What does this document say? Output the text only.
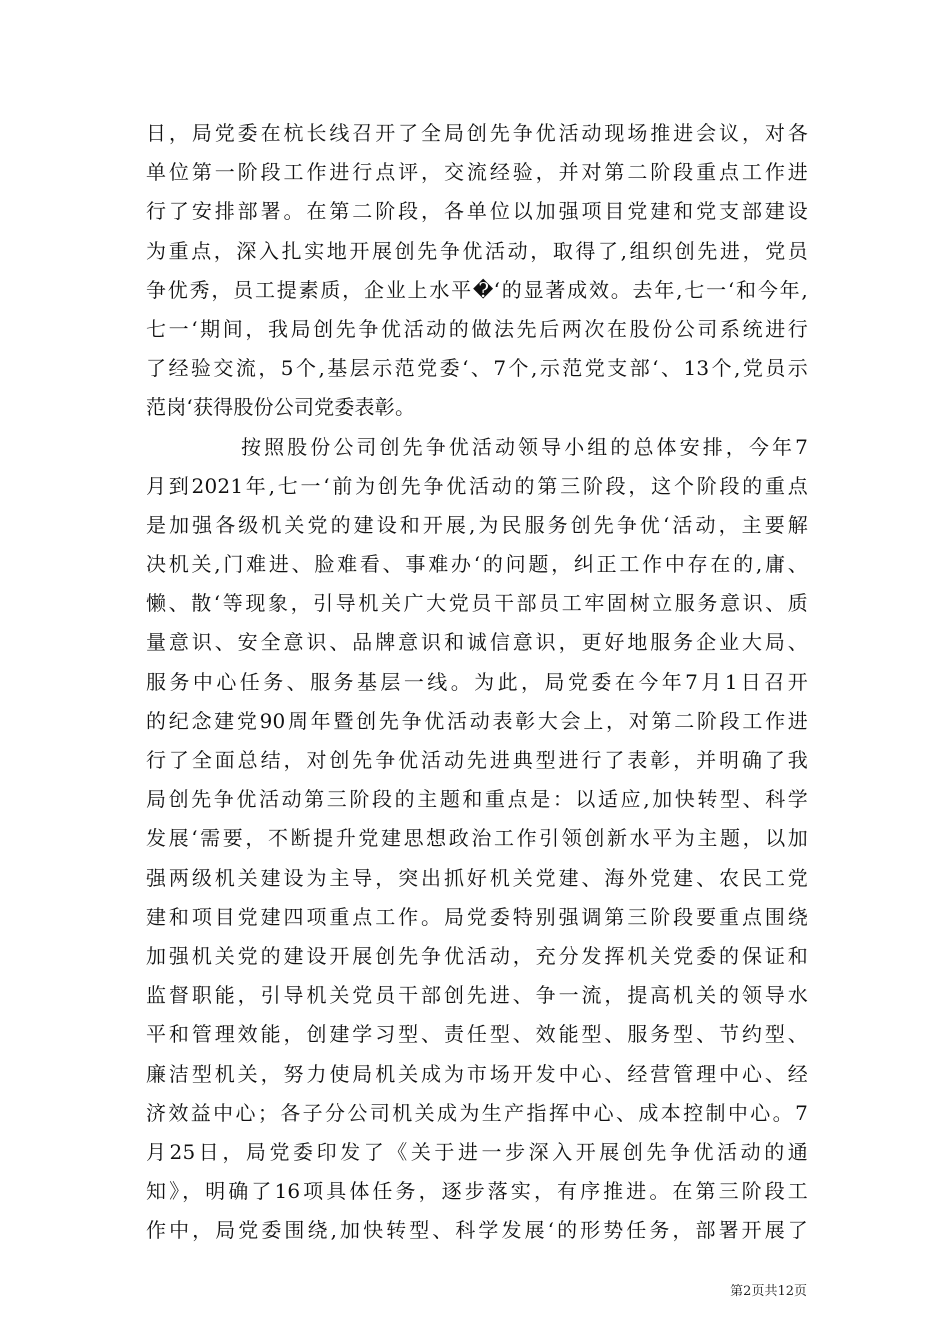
日，局党委在杭长线召开了全局创先争优活动现场推进会议，对各
单位第一阶段工作进行点评，交流经验，并对第二阶段重点工作进
行了安排部署。在第二阶段，各单位以加强项目党建和党支部建设
为重点，深入扎实地开展创先争优活动，取得了,组织创先进，党员
争优秀，员工提素质，企业上水平�‘的显著成效。去年,七一‘和今年,
七一‘期间，我局创先争优活动的做法先后两次在股份公司系统进行
了经验交流，5个,基层示范党委‘、7个,示范党支部‘、13个,党员示
范岗‘获得股份公司党委表彰。
按照股份公司创先争优活动领导小组的总体安排，今年7
月到2021年,七一‘前为创先争优活动的第三阶段，这个阶段的重点
是加强各级机关党的建设和开展,为民服务创先争优‘活动，主要解
决机关,门难进、脸难看、事难办‘的问题，纠正工作中存在的,庸、
懒、散‘等现象，引导机关广大党员干部员工牢固树立服务意识、质
量意识、安全意识、品牌意识和诚信意识，更好地服务企业大局、
服务中心任务、服务基层一线。为此，局党委在今年7月1日召开
的纪念建党90周年暨创先争优活动表彰大会上，对第二阶段工作进
行了全面总结，对创先争优活动先进典型进行了表彰，并明确了我
局创先争优活动第三阶段的主题和重点是：以适应,加快转型、科学
发展‘需要，不断提升党建思想政治工作引领创新水平为主题，以加
强两级机关建设为主导，突出抓好机关党建、海外党建、农民工党
建和项目党建四项重点工作。局党委特别强调第三阶段要重点围绕
加强机关党的建设开展创先争优活动，充分发挥机关党委的保证和
监督职能，引导机关党员干部创先进、争一流，提高机关的领导水
平和管理效能，创建学习型、责任型、效能型、服务型、节约型、
廉洁型机关，努力使局机关成为市场开发中心、经营管理中心、经
济效益中心；各子分公司机关成为生产指挥中心、成本控制中心。7
月25日，局党委印发了《关于进一步深入开展创先争优活动的通
知》，明确了16项具体任务，逐步落实，有序推进。在第三阶段工
作中，局党委围绕,加快转型、科学发展‘的形势任务，部署开展了
第2页共12页
